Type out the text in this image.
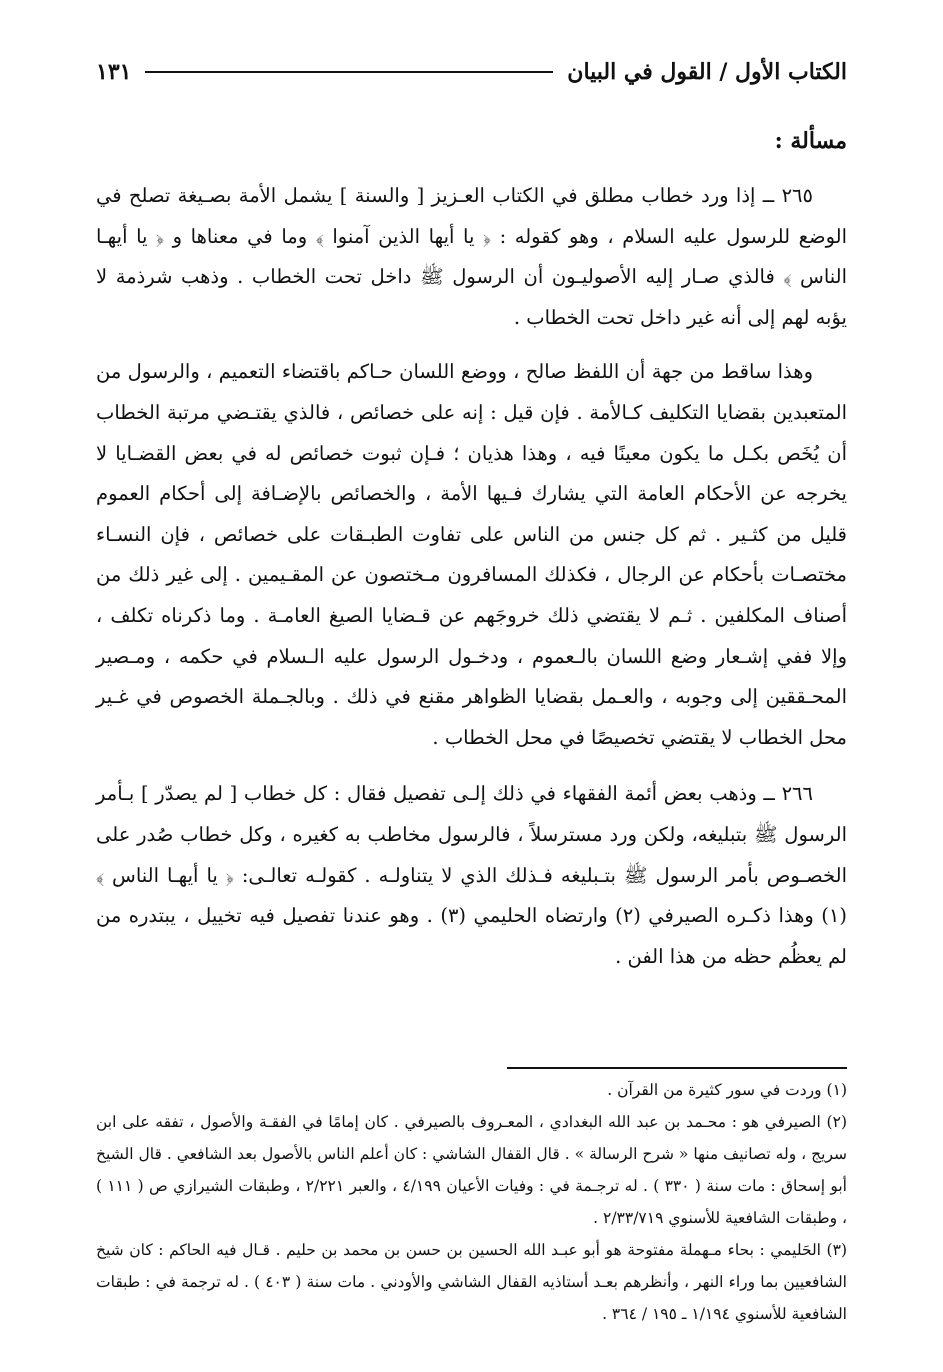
الكتاب الأول / القول في البيان
١٣١
مسألة :

٢٦٥ ــ إذا ورد خطاب مطلق في الكتاب العـزيز [ والسنة ] يشمل الأمة بصـيغة تصلح في الوضع للرسول عليه السلام ، وهو كقوله : ﴿ يا أيها الذين آمنوا ﴾ وما في معناها و ﴿ يا أيهـا الناس ﴾ فالذي صـار إليه الأصوليـون أن الرسول ﷺ داخل تحت الخطاب . وذهب شرذمة لا يؤبه لهم إلى أنه غير داخل تحت الخطاب .

وهذا ساقط من جهة أن اللفظ صالح ، ووضع اللسان حـاكم باقتضاء التعميم ، والرسول من المتعبدين بقضايا التكليف كـالأمة . فإن قيل : إنه على خصائص ، فالذي يقتـضي مرتبة الخطاب أن يُخَص بكـل ما يكون معينًا فيه ، وهذا هذيان ؛ فـإن ثبوت خصائص له في بعض القضـايا لا يخرجه عن الأحكام العامة التي يشارك فـيها الأمة ، والخصائص بالإضـافة إلى أحكام العموم قليل من كثـير . ثم كل جنس من الناس على تفاوت الطبـقات على خصائص ، فإن النسـاء مختصـات بأحكام عن الرجال ، فكذلك المسافرون مـختصون عن المقـيمين . إلى غير ذلك من أصناف المكلفين . ثـم لا يقتضي ذلك خروجَهم عن قـضايا الصيغ العامـة . وما ذكرناه تكلف ، وإلا ففي إشـعار وضع اللسان بالـعموم ، ودخـول الرسول عليه الـسلام في حكمه ، ومـصير المحـققين إلى وجوبه ، والعـمل بقضايا الظواهر مقنع في ذلك . وبالجـملة الخصوص في غـير محل الخطاب لا يقتضي تخصيصًا في محل الخطاب .

٢٦٦ ــ وذهب بعض أئمة الفقهاء في ذلك إلـى تفصيل فقال : كل خطاب [ لم يصدّر ] بـأمر الرسول ﷺ بتبليغه، ولكن ورد مسترسلاً ، فالرسول مخاطب به كغيره ، وكل خطاب صُدر على الخصـوص بأمر الرسول ﷺ بتـبليغه فـذلك الذي لا يتناولـه . كقولـه تعالـى: ﴿ يا أيهـا الناس ﴾ (١) وهذا ذكـره الصيرفي (٢) وارتضاه الحليمي (٣) . وهو عندنا تفصيل فيه تخييل ، يبتدره من لم يعظُم حظه من هذا الفن .

(١) وردت في سور كثيرة من القرآن .

(٢) الصيرفي هو : محـمد بن عبد الله البغدادي ، المعـروف بالصيرفي . كان إمامًا في الفقـة والأصول ، تفقه على ابن سريج ، وله تصانيف منها « شرح الرسالة » . قال القفال الشاشي : كان أعلم الناس بالأصول بعد الشافعي . قال الشيخ أبو إسحاق : مات سنة ( ٣٣٠ ) . له ترجـمة في : وفيات الأعيان ٤/١٩٩ ، والعبر ٢/٢٢١ ، وطبقات الشيرازي ص ( ١١١ ) ، وطبقات الشافعية للأسنوي ٢/٣٣/٧١٩ .

(٣) الحَليمي : بحاء مـهملة مفتوحة هو أبو عبـد الله الحسين بن حسن بن محمد بن حليم . قـال فيه الحاكم : كان شيخ الشافعيين بما وراء النهر ، وأنظرهم بعـد أستاذيه القفال الشاشي والأودني . مات سنة ( ٤٠٣ ) . له ترجمة في : طبقات الشافعية للأسنوي ١/١٩٤ ـ ١٩٥ / ٣٦٤ .
